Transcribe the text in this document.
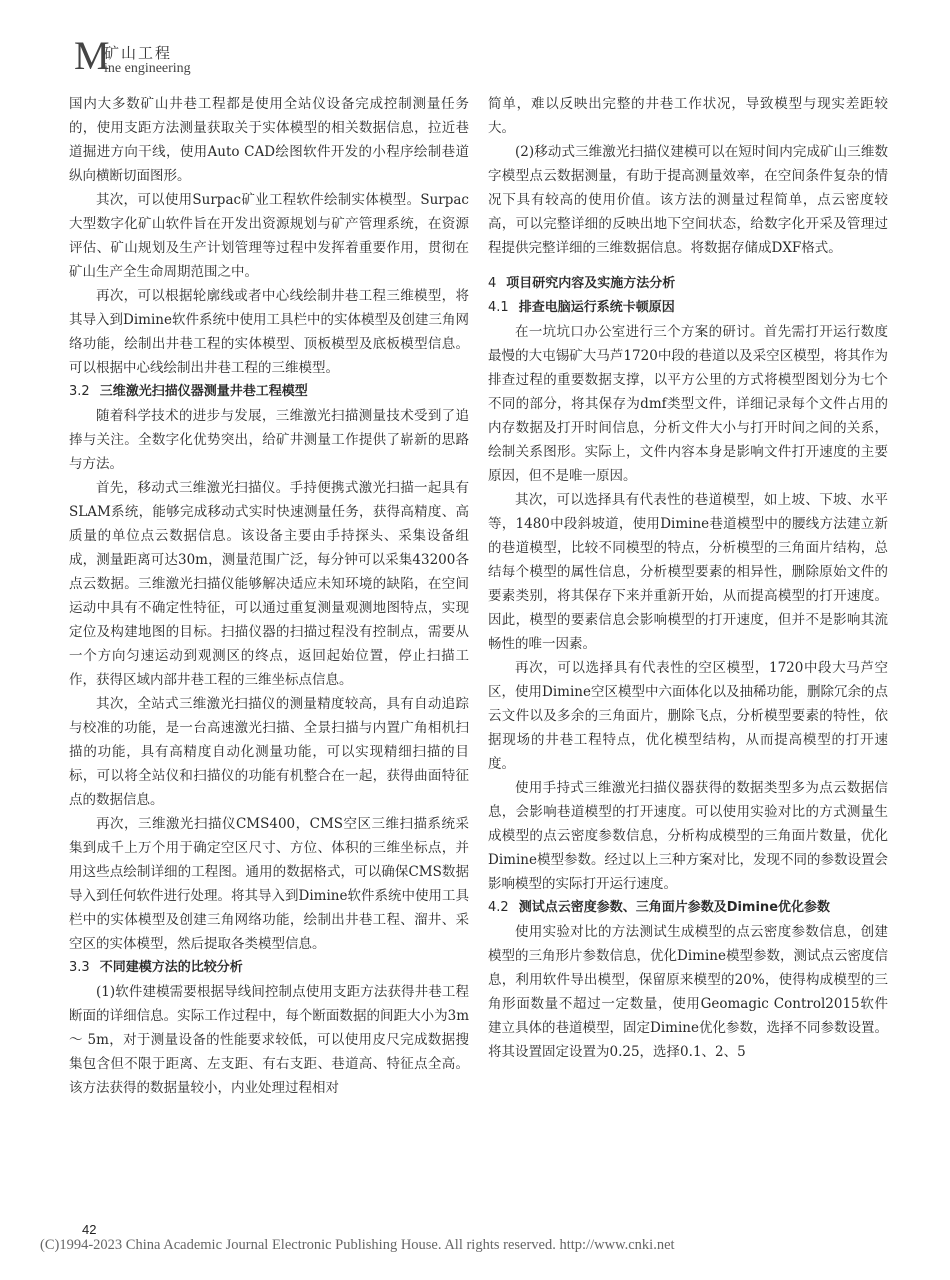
M
矿山工程
ine engineering

国内大多数矿山井巷工程都是使用全站仪设备完成控制测量任务的，使用支距方法测量获取关于实体模型的相关数据信息，拉近巷道掘进方向干线，使用Auto CAD绘图软件开发的小程序绘制巷道纵向横断切面图形。

其次，可以使用Surpac矿业工程软件绘制实体模型。Surpac大型数字化矿山软件旨在开发出资源规划与矿产管理系统，在资源评估、矿山规划及生产计划管理等过程中发挥着重要作用，贯彻在矿山生产全生命周期范围之中。

再次，可以根据轮廓线或者中心线绘制井巷工程三维模型，将其导入到Dimine软件系统中使用工具栏中的实体模型及创建三角网络功能，绘制出井巷工程的实体模型、顶板模型及底板模型信息。可以根据中心线绘制出井巷工程的三维模型。

3.2 三维激光扫描仪器测量井巷工程模型

随着科学技术的进步与发展，三维激光扫描测量技术受到了追捧与关注。全数字化优势突出，给矿井测量工作提供了崭新的思路与方法。

首先，移动式三维激光扫描仪。手持便携式激光扫描一起具有SLAM系统，能够完成移动式实时快速测量任务，获得高精度、高质量的单位点云数据信息。该设备主要由手持探头、采集设备组成，测量距离可达30m，测量范围广泛，每分钟可以采集43200各点云数据。三维激光扫描仪能够解决适应未知环境的缺陷，在空间运动中具有不确定性特征，可以通过重复测量观测地图特点，实现定位及构建地图的目标。扫描仪器的扫描过程没有控制点，需要从一个方向匀速运动到观测区的终点，返回起始位置，停止扫描工作，获得区域内部井巷工程的三维坐标点信息。

其次，全站式三维激光扫描仪的测量精度较高，具有自动追踪与校准的功能，是一台高速激光扫描、全景扫描与内置广角相机扫描的功能，具有高精度自动化测量功能，可以实现精细扫描的目标，可以将全站仪和扫描仪的功能有机整合在一起，获得曲面特征点的数据信息。

再次，三维激光扫描仪CMS400，CMS空区三维扫描系统采集到成千上万个用于确定空区尺寸、方位、体积的三维坐标点，并用这些点绘制详细的工程图。通用的数据格式，可以确保CMS数据导入到任何软件进行处理。将其导入到Dimine软件系统中使用工具栏中的实体模型及创建三角网络功能，绘制出井巷工程、溜井、采空区的实体模型，然后提取各类模型信息。

3.3 不同建模方法的比较分析

(1)软件建模需要根据导线间控制点使用支距方法获得井巷工程断面的详细信息。实际工作过程中，每个断面数据的间距大小为3m ～ 5m，对于测量设备的性能要求较低，可以使用皮尺完成数据搜集包含但不限于距离、左支距、有右支距、巷道高、特征点全高。该方法获得的数据量较小，内业处理过程相对

简单，难以反映出完整的井巷工作状况，导致模型与现实差距较大。

(2)移动式三维激光扫描仪建模可以在短时间内完成矿山三维数字模型点云数据测量，有助于提高测量效率，在空间条件复杂的情况下具有较高的使用价值。该方法的测量过程简单，点云密度较高，可以完整详细的反映出地下空间状态，给数字化开采及管理过程提供完整详细的三维数据信息。将数据存储成DXF格式。

4 项目研究内容及实施方法分析
4.1 排查电脑运行系统卡顿原因

在一坑坑口办公室进行三个方案的研讨。首先需打开运行数度最慢的大屯锡矿大马芦1720中段的巷道以及采空区模型，将其作为排查过程的重要数据支撑，以平方公里的方式将模型图划分为七个不同的部分，将其保存为dmf类型文件，详细记录每个文件占用的内存数据及打开时间信息，分析文件大小与打开时间之间的关系，绘制关系图形。实际上，文件内容本身是影响文件打开速度的主要原因，但不是唯一原因。

其次，可以选择具有代表性的巷道模型，如上坡、下坡、水平等，1480中段斜坡道，使用Dimine巷道模型中的腰线方法建立新的巷道模型，比较不同模型的特点，分析模型的三角面片结构，总结每个模型的属性信息，分析模型要素的相异性，删除原始文件的要素类别，将其保存下来并重新开始，从而提高模型的打开速度。因此，模型的要素信息会影响模型的打开速度，但并不是影响其流畅性的唯一因素。

再次，可以选择具有代表性的空区模型，1720中段大马芦空区，使用Dimine空区模型中六面体化以及抽稀功能，删除冗余的点云文件以及多余的三角面片，删除飞点，分析模型要素的特性，依据现场的井巷工程特点，优化模型结构，从而提高模型的打开速度。

使用手持式三维激光扫描仪器获得的数据类型多为点云数据信息，会影响巷道模型的打开速度。可以使用实验对比的方式测量生成模型的点云密度参数信息，分析构成模型的三角面片数量，优化Dimine模型参数。经过以上三种方案对比，发现不同的参数设置会影响模型的实际打开运行速度。

4.2 测试点云密度参数、三角面片参数及Dimine优化参数

使用实验对比的方法测试生成模型的点云密度参数信息，创建模型的三角形片参数信息，优化Dimine模型参数，测试点云密度信息，利用软件导出模型，保留原来模型的20%，使得构成模型的三角形面数量不超过一定数量，使用Geomagic Control2015软件建立具体的巷道模型，固定Dimine优化参数，选择不同参数设置。将其设置固定设置为0.25，选择0.1、2、5

42
(C)1994-2023 China Academic Journal Electronic Publishing House. All rights reserved. http://www.cnki.net
